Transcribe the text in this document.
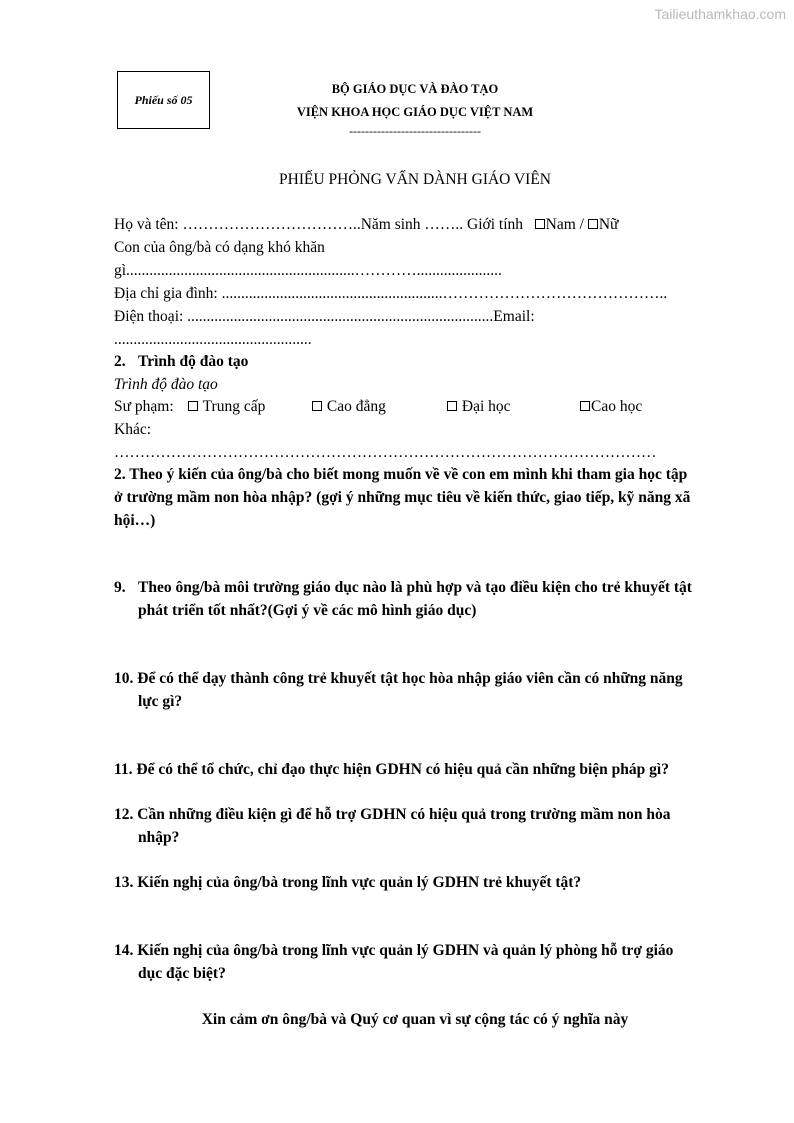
Tailieuthamkhao.com
Phiếu số 05
BỘ GIÁO DỤC VÀ ĐÀO TẠO
VIỆN KHOA HỌC GIÁO DỤC VIỆT NAM
---------------------------------
PHIẾU PHỎNG VẤN DÀNH GIÁO VIÊN
Họ và tên: ……………………………..Năm sinh …….. Giới tính Nam / Nữ
Con của ông/bà có dạng khó khăn
gì...........................................................…………......................
Địa chỉ gia đình: .........................................................……………………………………..
Điện thoại: ...............................................................................Email:
...................................................
2. Trình độ đào tạo
Trình độ đào tạo
Sư phạm:	Trung cấp	Cao đẳng	Đại học	Cao học
Khác:
……………………………………………………………………………………………
2. Theo ý kiến của ông/bà cho biết mong muốn về về con em mình khi tham gia học tập
ở trường mầm non hòa nhập? (gợi ý những mục tiêu về kiến thức, giao tiếp, kỹ năng xã
hội…)
9. Theo ông/bà môi trường giáo dục nào là phù hợp và tạo điều kiện cho trẻ khuyết tật
phát triển tốt nhất?(Gợi ý về các mô hình giáo dục)
10. Để có thể dạy thành công trẻ khuyết tật học hòa nhập giáo viên cần có những năng
lực gì?
11. Để có thể tổ chức, chỉ đạo thực hiện GDHN có hiệu quả cần những biện pháp gì?
12. Cần những điều kiện gì để hỗ trợ GDHN có hiệu quả trong trường mầm non hòa
nhập?
13. Kiến nghị của ông/bà trong lĩnh vực quản lý GDHN trẻ khuyết tật?
14. Kiến nghị của ông/bà trong lĩnh vực quản lý GDHN và quản lý phòng hỗ trợ giáo
dục đặc biệt?
Xin cảm ơn ông/bà và Quý cơ quan vì sự cộng tác có ý nghĩa này
